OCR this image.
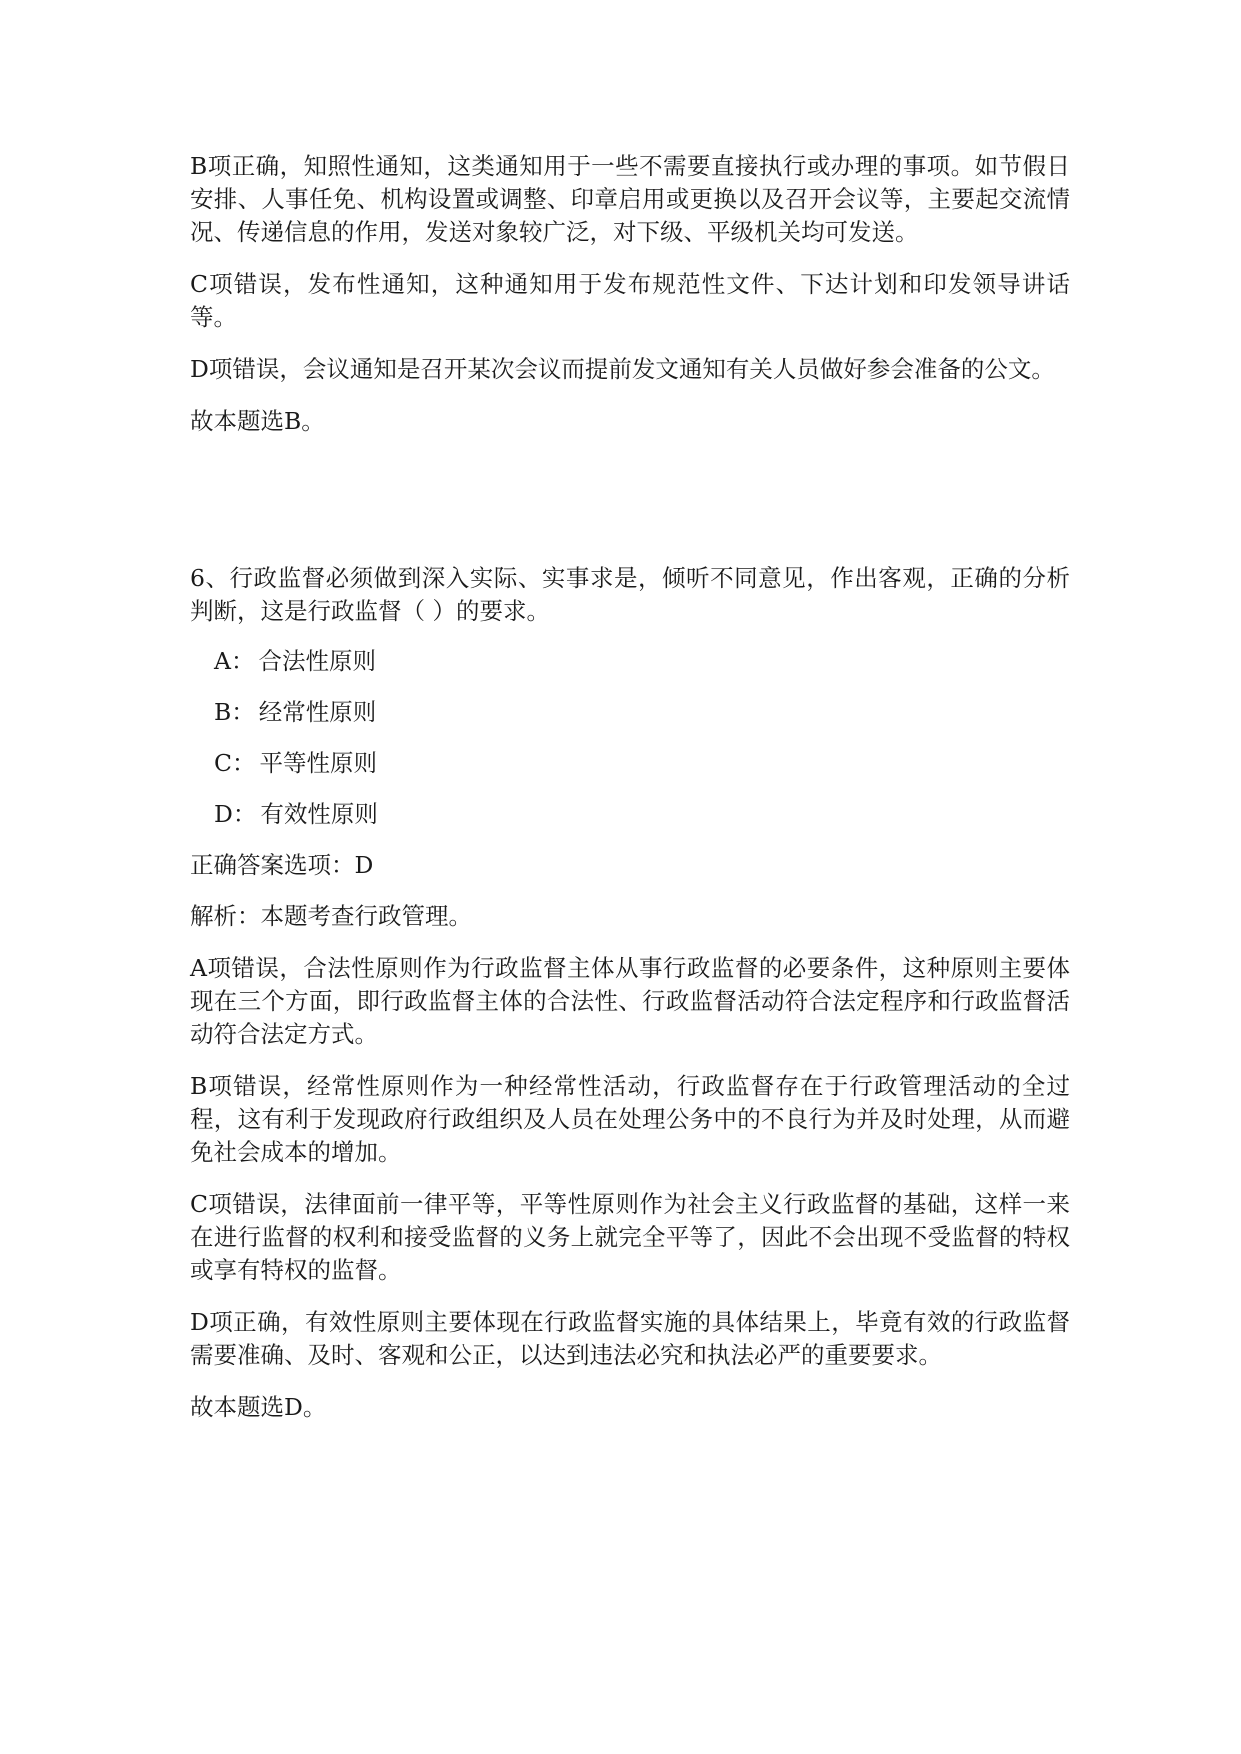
B项正确，知照性通知，这类通知用于一些不需要直接执行或办理的事项。如节假日安排、人事任免、机构设置或调整、印章启用或更换以及召开会议等，主要起交流情况、传递信息的作用，发送对象较广泛，对下级、平级机关均可发送。

C项错误，发布性通知，这种通知用于发布规范性文件、下达计划和印发领导讲话等。

D项错误，会议通知是召开某次会议而提前发文通知有关人员做好参会准备的公文。

故本题选B。

6、行政监督必须做到深入实际、实事求是，倾听不同意见，作出客观，正确的分析判断，这是行政监督（ ）的要求。

A： 合法性原则
B： 经常性原则
C： 平等性原则
D： 有效性原则

正确答案选项：D

解析：本题考查行政管理。

A项错误，合法性原则作为行政监督主体从事行政监督的必要条件，这种原则主要体现在三个方面，即行政监督主体的合法性、行政监督活动符合法定程序和行政监督活动符合法定方式。

B项错误，经常性原则作为一种经常性活动，行政监督存在于行政管理活动的全过程，这有利于发现政府行政组织及人员在处理公务中的不良行为并及时处理，从而避免社会成本的增加。

C项错误，法律面前一律平等，平等性原则作为社会主义行政监督的基础，这样一来在进行监督的权利和接受监督的义务上就完全平等了，因此不会出现不受监督的特权或享有特权的监督。

D项正确，有效性原则主要体现在行政监督实施的具体结果上，毕竟有效的行政监督需要准确、及时、客观和公正，以达到违法必究和执法必严的重要要求。

故本题选D。
